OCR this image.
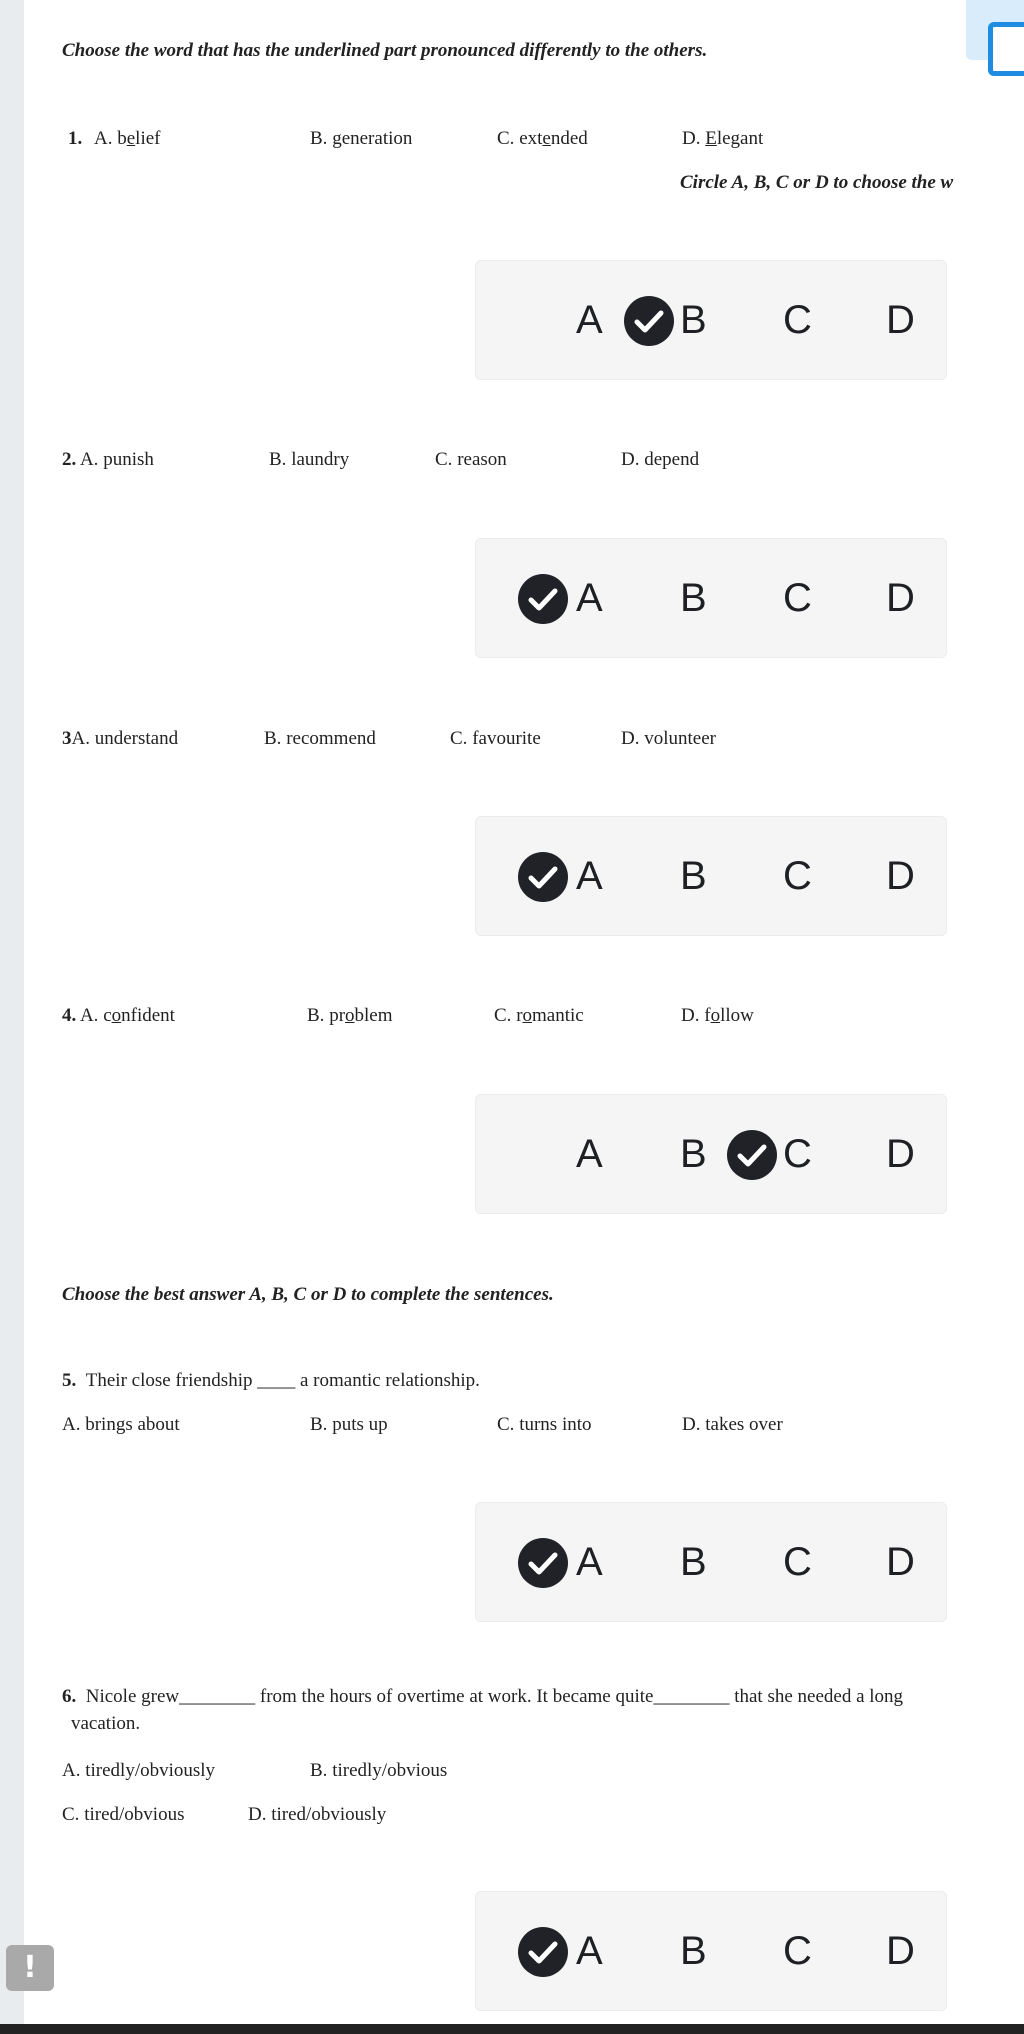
Choose the word that has the underlined part pronounced differently to the others.
1. A. belief	B. generation	C. extended	D. Elegant
Circle A, B, C or D to choose the w
A B C D
2. A. punish	B. laundry	C. reason	D. depend
A B C D
3A. understand	B. recommend	C. favourite	D. volunteer
A B C D
4. A. confident	B. problem	C. romantic	D. follow
A B C D
Choose the best answer A, B, C or D to complete the sentences.
5. Their close friendship ____ a romantic relationship.
A. brings about	B. puts up	C. turns into	D. takes over
A B C D
6. Nicole grew________ from the hours of overtime at work. It became quite________ that she needed a long
vacation.
A. tiredly/obviously	B. tiredly/obvious
C. tired/obvious	D. tired/obviously
A B C D
!
